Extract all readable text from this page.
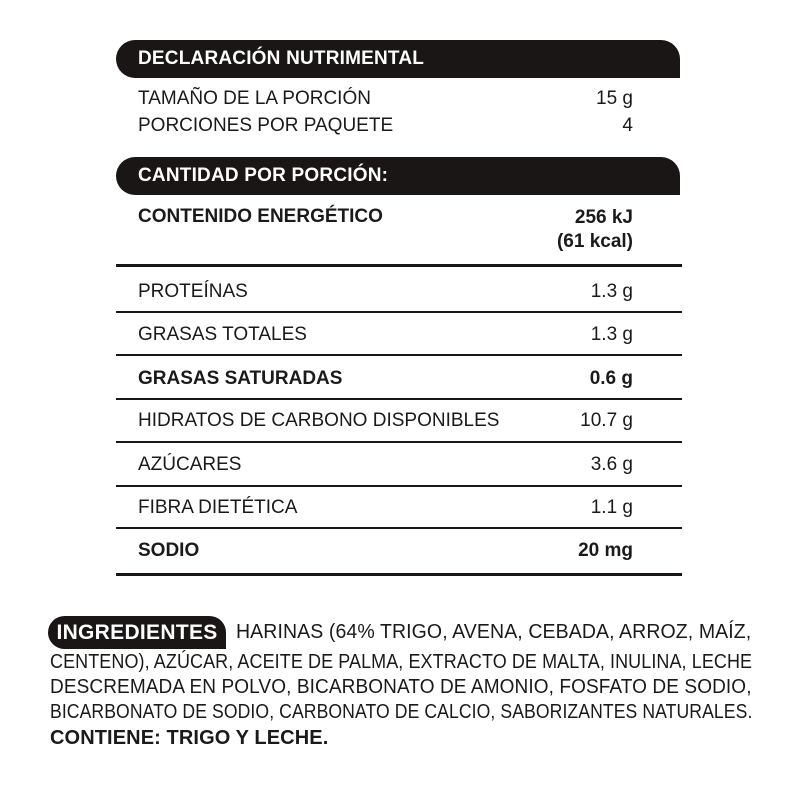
DECLARACIÓN NUTRIMENTAL
TAMAÑO DE LA PORCIÓN	15 g
PORCIONES POR PAQUETE	4
CANTIDAD POR PORCIÓN:
CONTENIDO ENERGÉTICO	256 kJ
(61 kcal)
PROTEÍNAS	1.3 g
GRASAS TOTALES	1.3 g
GRASAS SATURADAS	0.6 g
HIDRATOS DE CARBONO DISPONIBLES	10.7 g
AZÚCARES	3.6 g
FIBRA DIETÉTICA	1.1 g
SODIO	20 mg
INGREDIENTES HARINAS (64% TRIGO, AVENA, CEBADA, ARROZ, MAÍZ,
CENTENO), AZÚCAR, ACEITE DE PALMA, EXTRACTO DE MALTA, INULINA, LECHE
DESCREMADA EN POLVO, BICARBONATO DE AMONIO, FOSFATO DE SODIO,
BICARBONATO DE SODIO, CARBONATO DE CALCIO, SABORIZANTES NATURALES.
CONTIENE: TRIGO Y LECHE.
